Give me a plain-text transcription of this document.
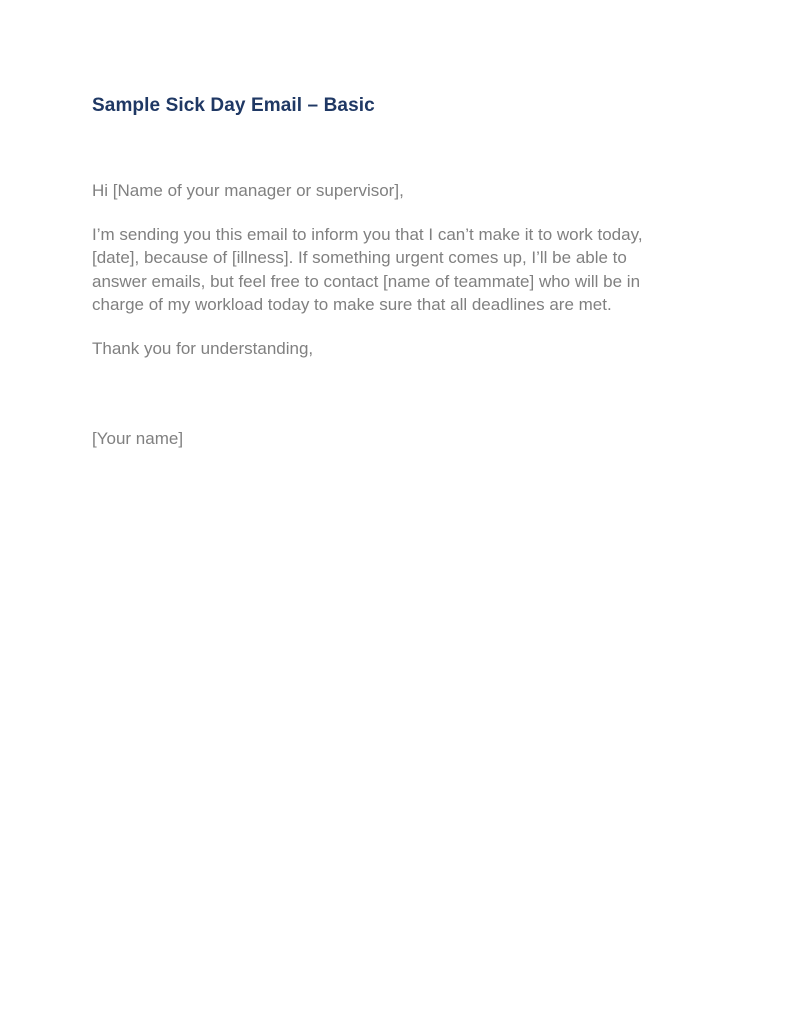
Sample Sick Day Email – Basic

Hi [Name of your manager or supervisor],

I’m sending you this email to inform you that I can’t make it to work today, [date], because of [illness]. If something urgent comes up, I’ll be able to answer emails, but feel free to contact [name of teammate] who will be in charge of my workload today to make sure that all deadlines are met.

Thank you for understanding,

[Your name]
